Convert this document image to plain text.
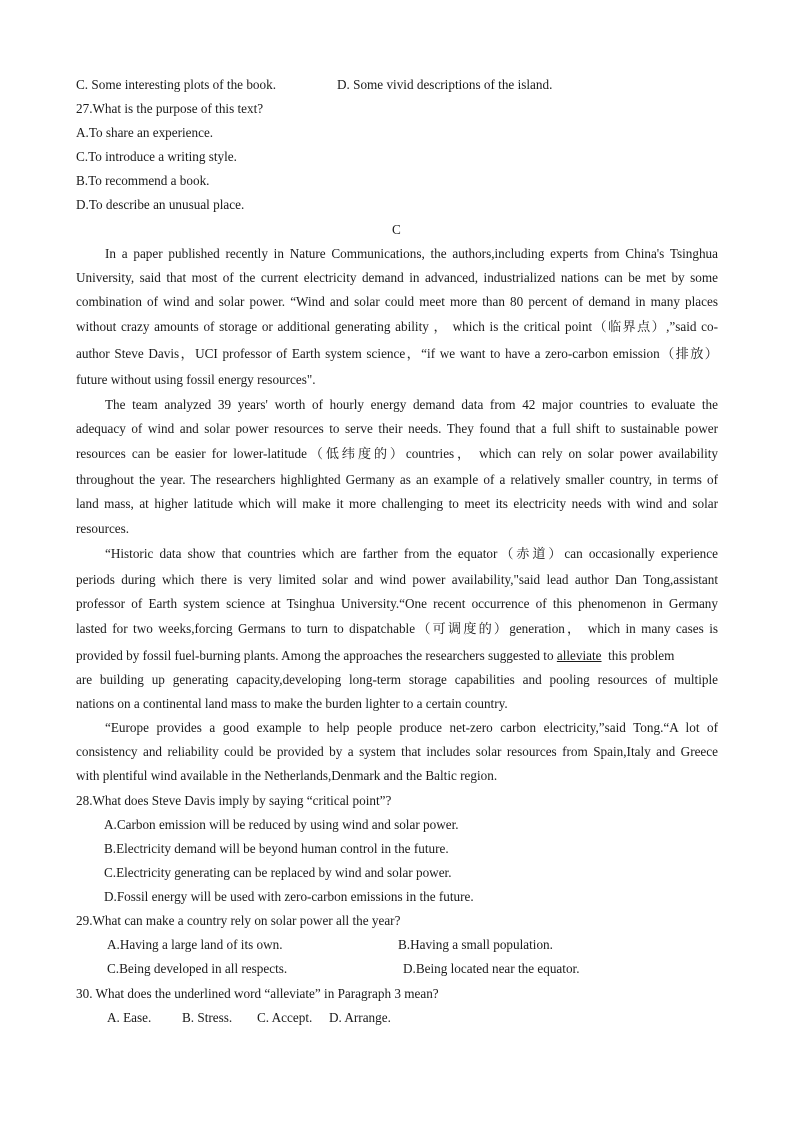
C. Some interesting plots of the book.	D. Some vivid descriptions of the island.
27.What is the purpose of this text?
A.To share an experience.
C.To introduce a writing style.
B.To recommend a book.
D.To describe an unusual place.
C
In a paper published recently in Nature Communications, the authors,including experts from China's Tsinghua
University, said that most of the current electricity demand in advanced, industrialized nations can be met by some
combination of wind and solar power. “Wind and solar could meet more than 80 percent of demand in many places
without crazy amounts of storage or additional generating ability ， which is the critical point（临界点）,”said co-
author Steve Davis，UCI professor of Earth system science，“if we want to have a zero-carbon emission（排放）
future without using fossil energy resources".
The team analyzed 39 years' worth of hourly energy demand data from 42 major countries to evaluate the
adequacy of wind and solar power resources to serve their needs. They found that a full shift to sustainable power
resources can be easier for lower-latitude（低纬度的）countries， which can rely on solar power availability
throughout the year. The researchers highlighted Germany as an example of a relatively smaller country, in terms of
land mass, at higher latitude which will make it more challenging to meet its electricity needs with wind and solar
resources.
“Historic data show that countries which are farther from the equator（赤道）can occasionally experience
periods during which there is very limited solar and wind power availability,"said lead author Dan Tong,assistant
professor of Earth system science at Tsinghua University.“One recent occurrence of this phenomenon in Germany
lasted for two weeks,forcing Germans to turn to dispatchable（可调度的）generation， which in many cases is
provided by fossil fuel-burning plants. Among the approaches the researchers suggested to alleviate  this problem
are building up generating capacity,developing long-term storage capabilities and pooling resources of multiple
nations on a continental land mass to make the burden lighter to a certain country.
“Europe provides a good example to help people produce net-zero carbon electricity,”said Tong.“A lot of
consistency and reliability could be provided by a system that includes solar resources from Spain,Italy and Greece
with plentiful wind available in the Netherlands,Denmark and the Baltic region.
28.What does Steve Davis imply by saying “critical point”?
A.Carbon emission will be reduced by using wind and solar power.
B.Electricity demand will be beyond human control in the future.
C.Electricity generating can be replaced by wind and solar power.
D.Fossil energy will be used with zero-carbon emissions in the future.
29.What can make a country rely on solar power all the year?
A.Having a large land of its own.	B.Having a small population.
C.Being developed in all respects.	D.Being located near the equator.
30. What does the underlined word “alleviate” in Paragraph 3 mean?
A. Ease. B. Stress. C. Accept. D. Arrange.
